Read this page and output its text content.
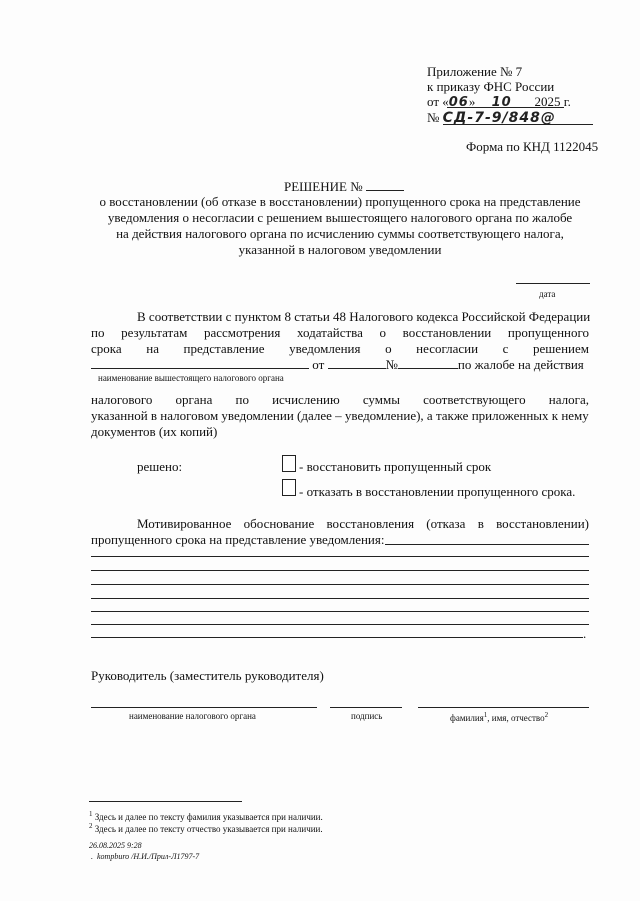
Приложение № 7
к приказу ФНС России
от «06»     10 2025 г.
№ СД-7-9/848@
Форма по КНД 1122045
РЕШЕНИЕ №
о восстановлении (об отказе в восстановлении) пропущенного срока на представление
уведомления о несогласии с решением вышестоящего налогового органа по жалобе
на действия налогового органа по исчислению суммы соответствующего налога,
указанной в налоговом уведомлении
дата
В соответствии с пунктом 8 статьи 48 Налогового кодекса Российской Федерации
по результатам рассмотрения ходатайства о восстановлении пропущенного
срока на представление уведомления о несогласии с решением
от	№	по жалобе на действия
наименование вышестоящего налогового органа
налогового органа по исчислению суммы соответствующего налога,
указанной в налоговом уведомлении (далее – уведомление), а также приложенных к нему
документов (их копий)
решено:	- восстановить пропущенный срок
- отказать в восстановлении пропущенного срока.
Мотивированное обоснование восстановления (отказа в восстановлении)
пропущенного срока на представление уведомления:
.
Руководитель (заместитель руководителя)
наименование налогового органа	подпись	фамилия$^1$, имя, отчество$^2$
$^1$ Здесь и далее по тексту фамилия указывается при наличии.
$^2$ Здесь и далее по тексту отчество указывается при наличии.
26.08.2025 9:28
.  kompburo /Н.И./Прил-Л1797-7
